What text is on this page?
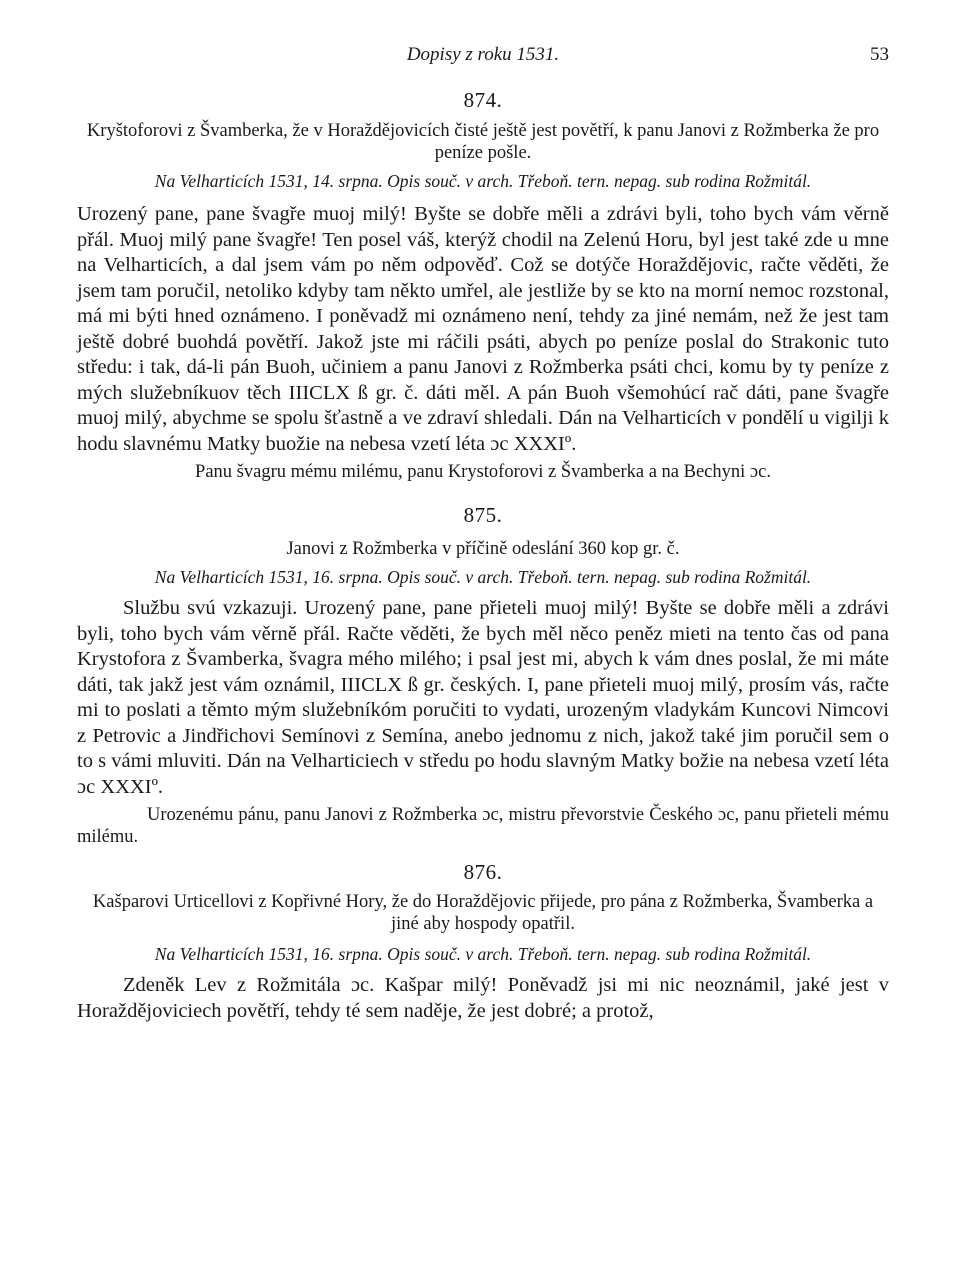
Dopisy z roku 1531.	53

874.

Kryštoforovi z Švamberka, že v Horaždějovicích čisté ještě jest povětří, k panu Janovi z Rožmberka že pro peníze pošle.

Na Velharticích 1531, 14. srpna. Opis souč. v arch. Třeboň. tern. nepag. sub rodina Rožmitál.

Urozený pane, pane švagře muoj milý! Byšte se dobře měli a zdrávi byli, toho bych vám věrně přál. Muoj milý pane švagře! Ten posel váš, kterýž chodil na Zelenú Horu, byl jest také zde u mne na Velharticích, a dal jsem vám po něm odpověď. Což se dotýče Horaždějovic, račte věděti, že jsem tam poručil, netoliko kdyby tam někto umřel, ale jestliže by se kto na morní nemoc rozstonal, má mi býti hned oznámeno. I poněvadž mi oznámeno není, tehdy za jiné nemám, než že jest tam ještě dobré buohdá povětří. Jakož jste mi ráčili psáti, abych po peníze poslal do Strakonic tuto středu: i tak, dá-li pán Buoh, učiniem a panu Janovi z Rožmberka psáti chci, komu by ty peníze z mých služebníkuov těch IIICLX ß gr. č. dáti měl. A pán Buoh všemohúcí rač dáti, pane švagře muoj milý, abychme se spolu šťastně a ve zdraví shledali. Dán na Velharticích v pondělí u vigilji k hodu slavnému Matky buožie na nebesa vzetí léta ɔc XXXIº.

Panu švagru mému milému, panu Krystoforovi z Švamberka a na Bechyni ɔc.

875.

Janovi z Rožmberka v příčině odeslání 360 kop gr. č.

Na Velharticích 1531, 16. srpna. Opis souč. v arch. Třeboň. tern. nepag. sub rodina Rožmitál.

Službu svú vzkazuji. Urozený pane, pane přieteli muoj milý! Byšte se dobře měli a zdrávi byli, toho bych vám věrně přál. Račte věděti, že bych měl něco peněz mieti na tento čas od pana Krystofora z Švamberka, švagra mého milého; i psal jest mi, abych k vám dnes poslal, že mi máte dáti, tak jakž jest vám oznámil, IIICLX ß gr. českých. I, pane přieteli muoj milý, prosím vás, račte mi to poslati a těmto mým služebníkóm poručiti to vydati, urozeným vladykám Kuncovi Nimcovi z Petrovic a Jindřichovi Semínovi z Semína, anebo jednomu z nich, jakož také jim poručil sem o to s vámi mluviti. Dán na Velharticiech v středu po hodu slavným Matky božie na nebesa vzetí léta ɔc XXXIº.

Urozenému pánu, panu Janovi z Rožmberka ɔc, mistru převorstvie Českého ɔc, panu přieteli mému milému.

876.

Kašparovi Urticellovi z Kopřivné Hory, že do Horaždějovic přijede, pro pána z Rožmberka, Švamberka a jiné aby hospody opatřil.

Na Velharticích 1531, 16. srpna. Opis souč. v arch. Třeboň. tern. nepag. sub rodina Rožmitál.

Zdeněk Lev z Rožmitála ɔc. Kašpar milý! Poněvadž jsi mi nic neoznámil, jaké jest v Horaždějoviciech povětří, tehdy té sem naděje, že jest dobré; a protož,
